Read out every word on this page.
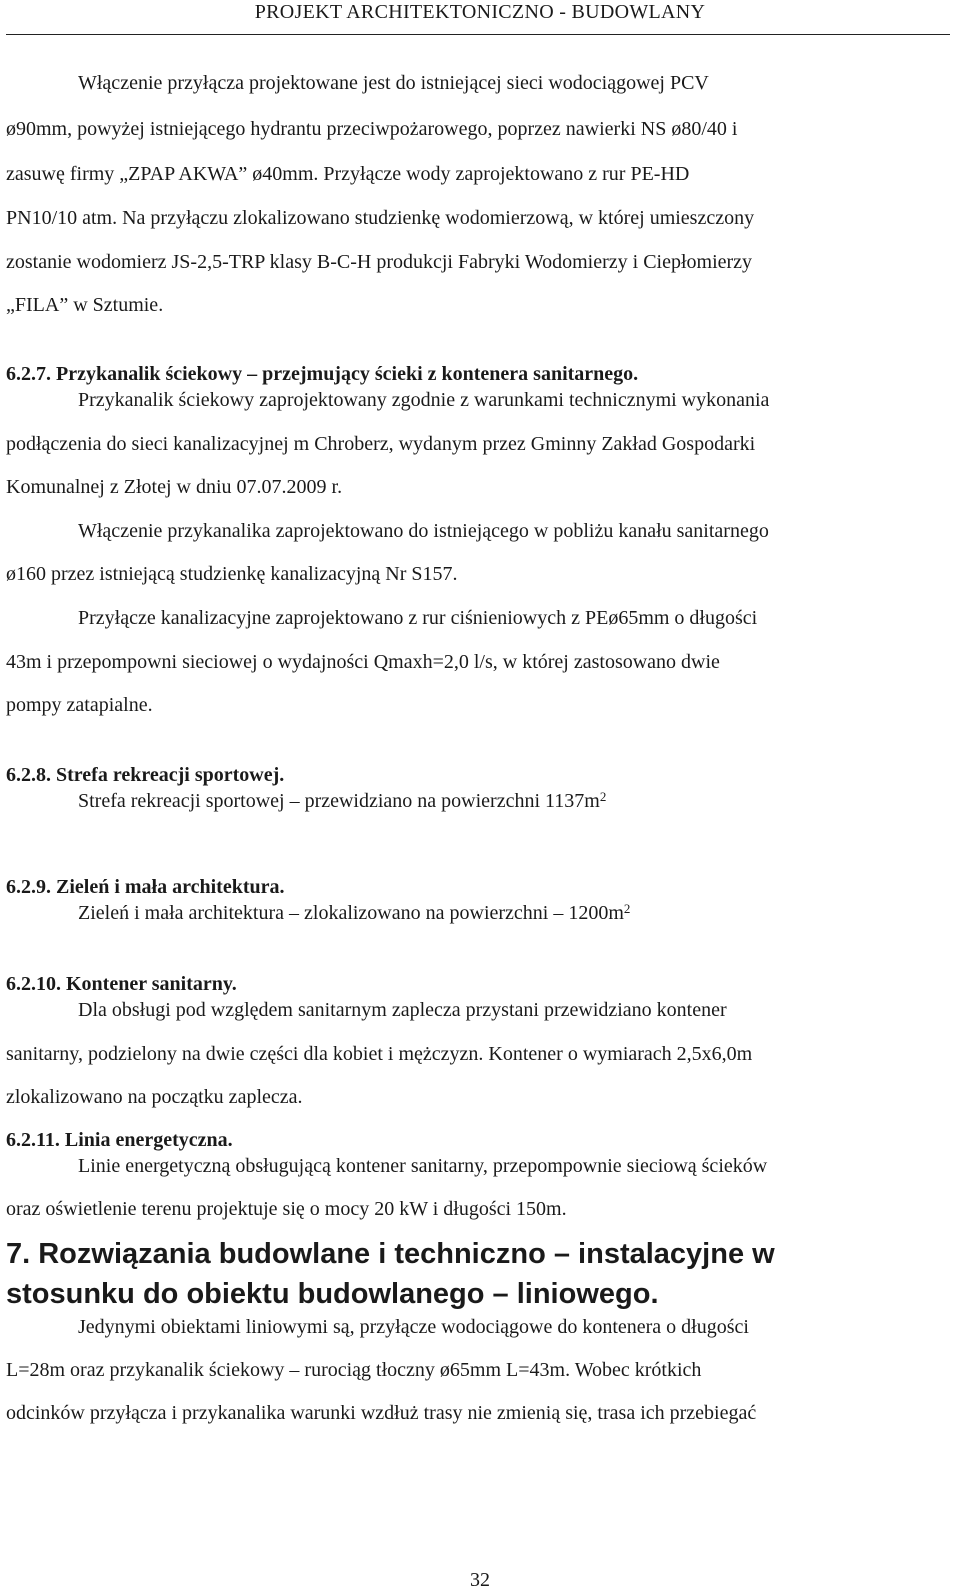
PROJEKT ARCHITEKTONICZNO - BUDOWLANY
Włączenie przyłącza projektowane jest do istniejącej sieci wodociągowej PCV
ø90mm, powyżej istniejącego hydrantu przeciwpożarowego, poprzez nawierki NS ø80/40 i
zasuwę firmy „ZPAP AKWA” ø40mm. Przyłącze wody zaprojektowano z rur PE-HD
PN10/10 atm. Na przyłączu zlokalizowano studzienkę wodomierzową, w której umieszczony
zostanie wodomierz JS-2,5-TRP klasy B-C-H produkcji Fabryki Wodomierzy i Ciepłomierzy
„FILA” w Sztumie.
6.2.7. Przykanalik ściekowy – przejmujący ścieki z kontenera sanitarnego.
Przykanalik ściekowy zaprojektowany zgodnie z warunkami technicznymi wykonania
podłączenia do sieci kanalizacyjnej m Chroberz, wydanym przez Gminny Zakład Gospodarki
Komunalnej z Złotej w dniu 07.07.2009 r.
Włączenie przykanalika zaprojektowano do istniejącego w pobliżu kanału sanitarnego
ø160 przez istniejącą studzienkę kanalizacyjną Nr S157.
Przyłącze kanalizacyjne zaprojektowano z rur ciśnieniowych z PEø65mm o długości
43m i przepompowni sieciowej o wydajności Qmaxh=2,0 l/s, w której zastosowano dwie
pompy zatapialne.
6.2.8. Strefa rekreacji sportowej.
Strefa rekreacji sportowej – przewidziano na powierzchni $1137m^2$
6.2.9. Zieleń i mała architektura.
Zieleń i mała architektura – zlokalizowano na powierzchni – $1200m^2$
6.2.10. Kontener sanitarny.
Dla obsługi pod względem sanitarnym zaplecza przystani przewidziano kontener
sanitarny, podzielony na dwie części dla kobiet i mężczyzn. Kontener o wymiarach 2,5x6,0m
zlokalizowano na początku zaplecza.
6.2.11. Linia energetyczna.
Linie energetyczną obsługującą kontener sanitarny, przepompownie sieciową ścieków
oraz oświetlenie terenu projektuje się o mocy 20 kW i długości 150m.
7. Rozwiązania budowlane i techniczno – instalacyjne w
stosunku do obiektu budowlanego – liniowego.
Jedynymi obiektami liniowymi są, przyłącze wodociągowe do kontenera o długości
L=28m oraz przykanalik ściekowy – rurociąg tłoczny ø65mm L=43m. Wobec krótkich
odcinków przyłącza i przykanalika warunki wzdłuż trasy nie zmienią się, trasa ich przebiegać
32
